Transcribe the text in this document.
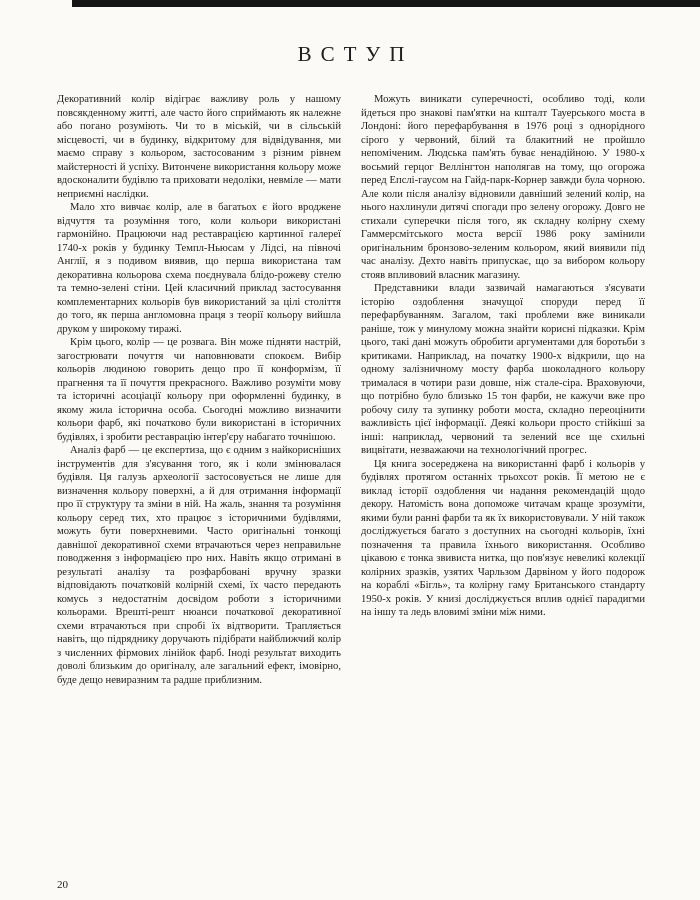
ВСТУП

Декоративний колір відіграє важливу роль у нашому повсякденному житті, але часто його сприймають як належне або погано розуміють. Чи то в міській, чи в сільській місцевості, чи в будинку, відкритому для відвідування, ми маємо справу з кольором, застосованим з різним рівнем майстерності й успіху. Витончене використання кольору може вдосконалити будівлю та приховати недоліки, невміле — мати неприємні наслідки.

Мало хто вивчає колір, але в багатьох є його вроджене відчуття та розуміння того, коли кольори використані гармонійно. Працюючи над реставрацією картинної галереї 1740-х років у будинку Темпл-Ньюсам у Лідсі, на півночі Англії, я з подивом виявив, що перша використана там декоративна кольорова схема поєднувала блідо-рожеву стелю та темно-зелені стіни. Цей класичний приклад застосування комплементарних кольорів був використаний за цілі століття до того, як перша англомовна праця з теорії кольору вийшла друком у широкому тиражі.

Крім цього, колір — це розвага. Він може підняти настрій, загострювати почуття чи наповнювати спокоєм. Вибір кольорів людиною говорить дещо про її конформізм, її прагнення та її почуття прекрасного. Важливо розуміти мову та історичні асоціації кольору при оформленні будинку, в якому жила історична особа. Сьогодні можливо визначити кольори фарб, які початково були використані в історичних будівлях, і зробити реставрацію інтер'єру набагато точнішою.

Аналіз фарб — це експертиза, що є одним з найкорисніших інструментів для з'ясування того, як і коли змінювалася будівля. Ця галузь археології застосовується не лише для визначення кольору поверхні, а й для отримання інформації про її структуру та зміни в ній. На жаль, знання та розуміння кольору серед тих, хто працює з історичними будівлями, можуть бути поверхневими. Часто оригінальні тонкощі давнішої декоративної схеми втрачаються через неправильне поводження з інформацією про них. Навіть якщо отримані в результаті аналізу та розфарбовані вручну зразки відповідають початковій колірній схемі, їх часто передають комусь з недостатнім досвідом роботи з історичними кольорами. Врешті-решт нюанси початкової декоративної схеми втрачаються при спробі їх відтворити. Трапляється навіть, що підряднику доручають підібрати найближчий колір з численних фірмових лінійок фарб. Іноді результат виходить доволі близьким до оригіналу, але загальний ефект, імовірно, буде дещо невиразним та радше приблизним.

Можуть виникати суперечності, особливо тоді, коли йдеться про знакові пам'ятки на кшталт Тауерського моста в Лондоні: його перефарбування в 1976 році з однорідного сірого у червоний, білий та блакитний не пройшло непоміченим. Людська пам'ять буває ненадійною. У 1980-х восьмий герцог Веллінгтон наполягав на тому, що огорожа перед Епслі-гаусом на Гайд-парк-Корнер завжди була чорною. Але коли після аналізу відновили давніший зелений колір, на нього нахлинули дитячі спогади про зелену огорожу. Довго не стихали суперечки після того, як складну колірну схему Гаммерсмітського моста версії 1986 року замінили оригінальним бронзово-зеленим кольором, який виявили під час аналізу. Дехто навіть припускає, що за вибором кольору стояв впливовий власник магазину.

Представники влади зазвичай намагаються з'ясувати історію оздоблення значущої споруди перед її перефарбуванням. Загалом, такі проблеми вже виникали раніше, тож у минулому можна знайти корисні підказки. Крім цього, такі дані можуть обробити аргументами для боротьби з критиками. Наприклад, на початку 1900-х відкрили, що на одному залізничному мосту фарба шоколадного кольору трималася в чотири рази довше, ніж стале-сіра. Враховуючи, що потрібно було близько 15 тон фарби, не кажучи вже про робочу силу та зупинку роботи моста, складно переоцінити важливість цієї інформації. Деякі кольори просто стійкіші за інші: наприклад, червоний та зелений все ще схильні вицвітати, незважаючи на технологічний прогрес.

Ця книга зосереджена на використанні фарб і кольорів у будівлях протягом останніх трьохсот років. Її метою не є виклад історії оздоблення чи надання рекомендацій щодо декору. Натомість вона допоможе читачам краще зрозуміти, якими були ранні фарби та як їх використовували. У ній також досліджується багато з доступних на сьогодні кольорів, їхні позначення та правила їхнього використання. Особливо цікавою є тонка звивиста нитка, що пов'язує невеликі колекції колірних зразків, узятих Чарльзом Дарвіном у його подорож на кораблі «Бігль», та колірну гаму Британського стандарту 1950-х років. У книзі досліджується вплив однієї парадигми на іншу та ледь вловимі зміни між ними.

20
